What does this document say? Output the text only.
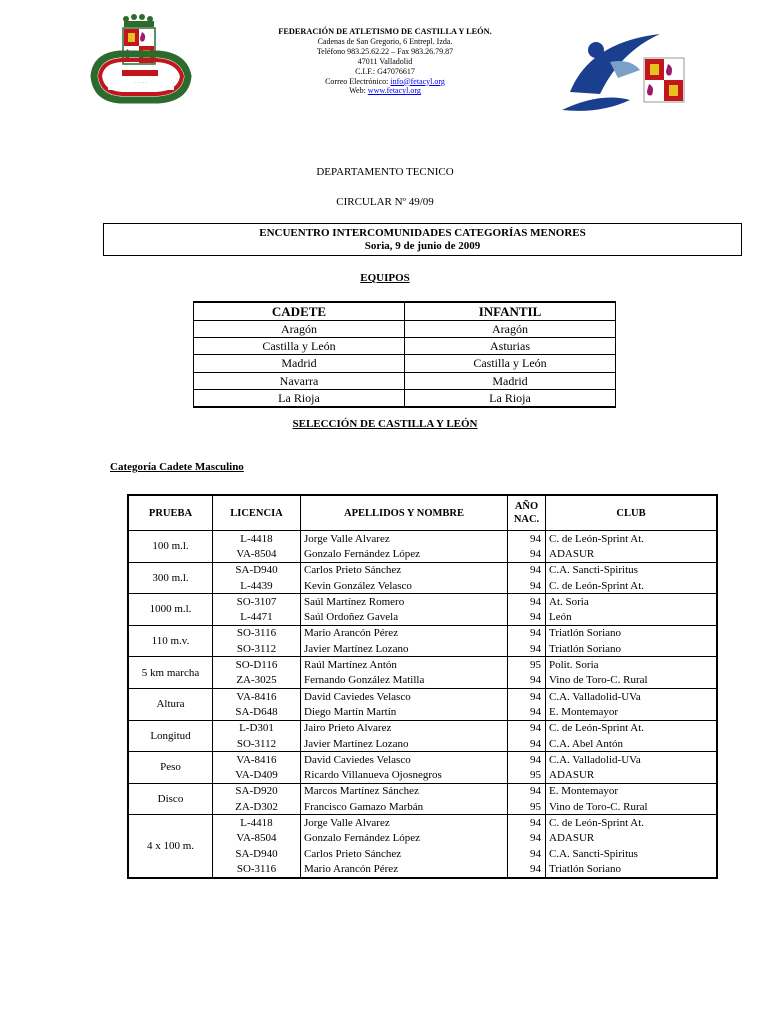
· · · · ·
FEDERACIÓN DE ATLETISMO DE CASTILLA Y LEÓN.
Cadenas de San Gregorio, 6 Entrepl. Izda.
Teléfono 983.25.62.22 – Fax 983.26.79.87
47011 Valladolid
C.I.F.: G47076617
Correo Electrónico: info@fetacyl.org
Web: www.fetacyl.org
DEPARTAMENTO TECNICO
CIRCULAR Nº 49/09
ENCUENTRO INTERCOMUNIDADES CATEGORÍAS MENORES
Soria, 9 de junio de 2009
EQUIPOS
CADETE	INFANTIL
Aragón	Aragón
Castilla y León	Asturias
Madrid	Castilla y León
Navarra	Madrid
La Rioja	La Rioja
SELECCIÓN DE CASTILLA Y LEÓN
Categoría Cadete Masculino
PRUEBA	LICENCIA	APELLIDOS Y NOMBRE	AÑO NAC.	CLUB
100 m.l.	L-4418	Jorge Valle Alvarez	94	C. de León-Sprint At.
	VA-8504	Gonzalo Fernández López	94	ADASUR
300 m.l.	SA-D940	Carlos Prieto Sánchez	94	C.A. Sancti-Spiritus
	L-4439	Kevin González Velasco	94	C. de León-Sprint At.
1000 m.l.	SO-3107	Saúl Martínez Romero	94	At. Soria
	L-4471	Saúl Ordoñez Gavela	94	León
110 m.v.	SO-3116	Mario Arancón Pérez	94	Triatlón Soriano
	SO-3112	Javier Martínez Lozano	94	Triatlón Soriano
5 km marcha	SO-D116	Raúl Martínez Antón	95	Polit. Soria
	ZA-3025	Fernando González Matilla	94	Vino de Toro-C. Rural
Altura	VA-8416	David Caviedes Velasco	94	C.A. Valladolid-UVa
	SA-D648	Diego Martín Martín	94	E. Montemayor
Longitud	L-D301	Jairo Prieto Alvarez	94	C. de León-Sprint At.
	SO-3112	Javier Martínez Lozano	94	C.A. Abel Antón
Peso	VA-8416	David Caviedes Velasco	94	C.A. Valladolid-UVa
	VA-D409	Ricardo Villanueva Ojosnegros	95	ADASUR
Disco	SA-D920	Marcos Martínez Sánchez	94	E. Montemayor
	ZA-D302	Francisco Gamazo Marbán	95	Vino de Toro-C. Rural
4 x 100 m.	L-4418	Jorge Valle Alvarez	94	C. de León-Sprint At.
	VA-8504	Gonzalo Fernández López	94	ADASUR
	SA-D940	Carlos Prieto Sánchez	94	C.A. Sancti-Spiritus
	SO-3116	Mario Arancón Pérez	94	Triatlón Soriano
